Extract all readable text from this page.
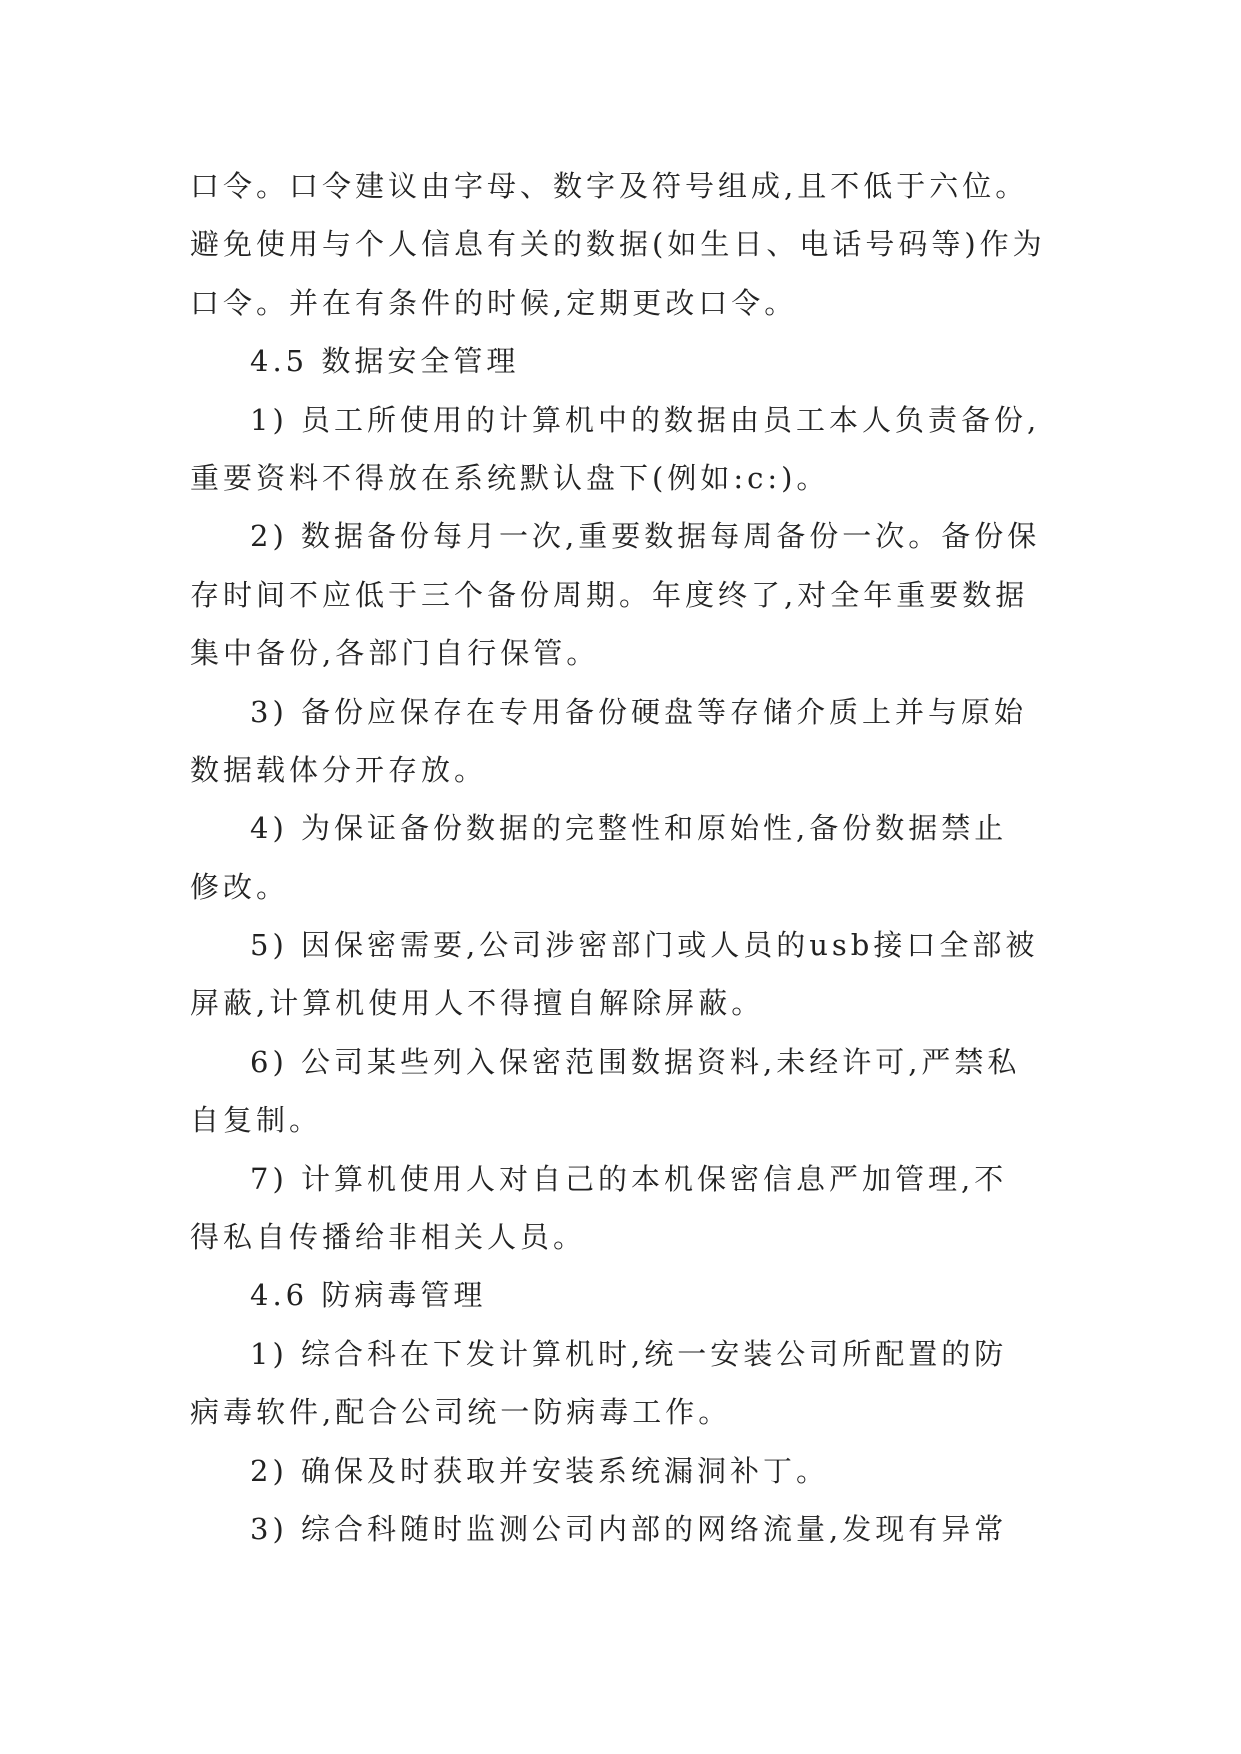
口令。口令建议由字母、数字及符号组成,且不低于六位。
避免使用与个人信息有关的数据(如生日、电话号码等)作为
口令。并在有条件的时候,定期更改口令。
4.5 数据安全管理
1) 员工所使用的计算机中的数据由员工本人负责备份,
重要资料不得放在系统默认盘下(例如:c:)。
2) 数据备份每月一次,重要数据每周备份一次。备份保
存时间不应低于三个备份周期。年度终了,对全年重要数据
集中备份,各部门自行保管。
3) 备份应保存在专用备份硬盘等存储介质上并与原始
数据载体分开存放。
4) 为保证备份数据的完整性和原始性,备份数据禁止
修改。
5) 因保密需要,公司涉密部门或人员的usb接口全部被
屏蔽,计算机使用人不得擅自解除屏蔽。
6) 公司某些列入保密范围数据资料,未经许可,严禁私
自复制。
7) 计算机使用人对自己的本机保密信息严加管理,不
得私自传播给非相关人员。
4.6 防病毒管理
1) 综合科在下发计算机时,统一安装公司所配置的防
病毒软件,配合公司统一防病毒工作。
2) 确保及时获取并安装系统漏洞补丁。
3) 综合科随时监测公司内部的网络流量,发现有异常
